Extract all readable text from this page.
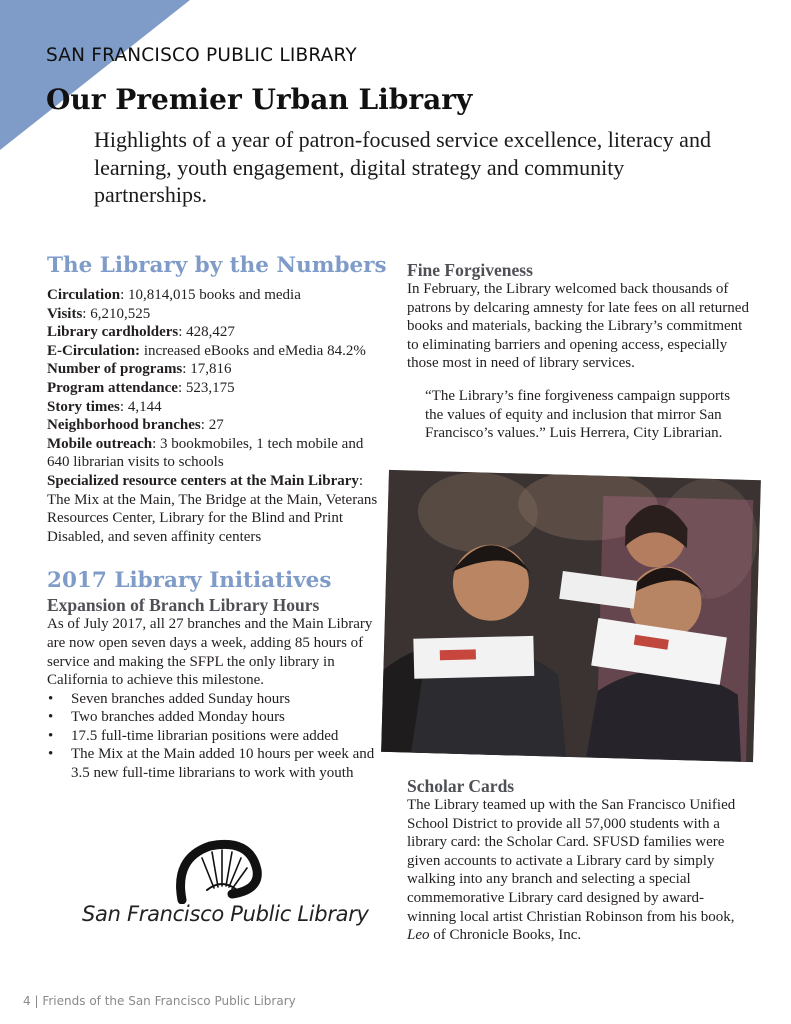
SAN FRANCISCO PUBLIC LIBRARY
Our Premier Urban Library
Highlights of a year of patron-focused service excellence, literacy and learning, youth engagement, digital strategy and community partnerships.
The Library by the Numbers

Circulation: 10,814,015 books and media

Visits: 6,210,525

Library cardholders: 428,427

E-Circulation: increased eBooks and eMedia 84.2%

Number of programs: 17,816

Program attendance: 523,175

Story times: 4,144

Neighborhood branches: 27

Mobile outreach: 3 bookmobiles, 1 tech mobile and 640 librarian visits to schools

Specialized resource centers at the Main Library: The Mix at the Main, The Bridge at the Main, Veterans Resources Center, Library for the Blind and Print Disabled, and seven affinity centers

2017 Library Initiatives
Expansion of Branch Library Hours

As of July 2017, all 27 branches and the Main Library are now open seven days a week, adding 85 hours of service and making the SFPL the only library in California to achieve this milestone.

• Seven branches added Sunday hours
• Two branches added Monday hours
• 17.5 full-time librarian positions were added
• The Mix at the Main added 10 hours per week and 3.5 new full-time librarians to work with youth
Fine Forgiveness

In February, the Library welcomed back thousands of patrons by delcaring amnesty for late fees on all returned books and materials, backing the Library’s commitment to eliminating barriers and opening access, especially those most in need of library services.

“The Library’s fine forgiveness campaign supports the values of equity and inclusion that mirror San Francisco’s values.” Luis Herrera, City Librarian.

Scholar Cards

The Library teamed up with the San Francisco Unified School District to provide all 57,000 students with a library card: the Scholar Card. SFUSD families were given accounts to activate a Library card by simply walking into any branch and selecting a special commemorative Library card designed by award-winning local artist Christian Robinson from his book, Leo of Chronicle Books, Inc.

San Francisco Public Library
4 | Friends of the San Francisco Public Library
